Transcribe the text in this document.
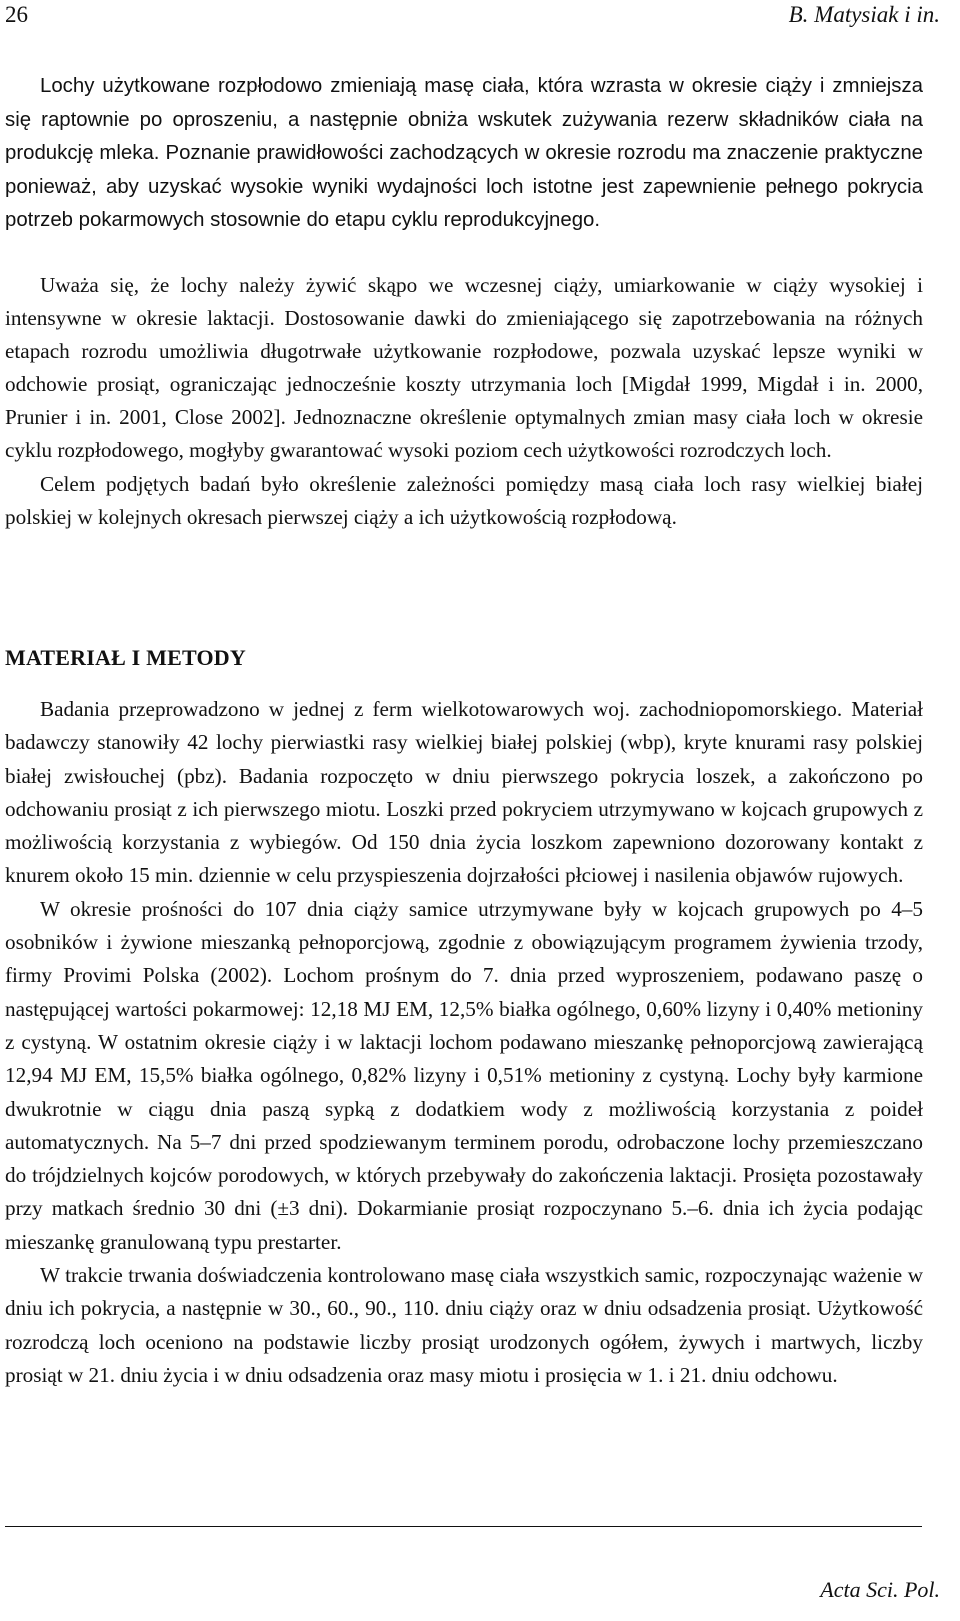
26	B. Matysiak i in.

Lochy użytkowane rozpłodowo zmieniają masę ciała, która wzrasta w okresie ciąży i zmniejsza się raptownie po oproszeniu, a następnie obniża wskutek zużywania rezerw składników ciała na produkcję mleka. Poznanie prawidłowości zachodzących w okresie rozrodu ma znaczenie praktyczne ponieważ, aby uzyskać wysokie wyniki wydajności loch istotne jest zapewnienie pełnego pokrycia potrzeb pokarmowych stosownie do etapu cyklu reprodukcyjnego.

Uważa się, że lochy należy żywić skąpo we wczesnej ciąży, umiarkowanie w ciąży wysokiej i intensywne w okresie laktacji. Dostosowanie dawki do zmieniającego się zapotrzebowania na różnych etapach rozrodu umożliwia długotrwałe użytkowanie rozpłodowe, pozwala uzyskać lepsze wyniki w odchowie prosiąt, ograniczając jednocześnie koszty utrzymania loch [Migdał 1999, Migdał i in. 2000, Prunier i in. 2001, Close 2002]. Jednoznaczne określenie optymalnych zmian masy ciała loch w okresie cyklu rozpłodowego, mogłyby gwarantować wysoki poziom cech użytkowości rozrodczych loch.

Celem podjętych badań było określenie zależności pomiędzy masą ciała loch rasy wielkiej białej polskiej w kolejnych okresach pierwszej ciąży a ich użytkowością rozpłodową.

MATERIAŁ I METODY

Badania przeprowadzono w jednej z ferm wielkotowarowych woj. zachodniopomorskiego. Materiał badawczy stanowiły 42 lochy pierwiastki rasy wielkiej białej polskiej (wbp), kryte knurami rasy polskiej białej zwisłouchej (pbz). Badania rozpoczęto w dniu pierwszego pokrycia loszek, a zakończono po odchowaniu prosiąt z ich pierwszego miotu. Loszki przed pokryciem utrzymywano w kojcach grupowych z możliwością korzystania z wybiegów. Od 150 dnia życia loszkom zapewniono dozorowany kontakt z knurem około 15 min. dziennie w celu przyspieszenia dojrzałości płciowej i nasilenia objawów rujowych.

W okresie prośności do 107 dnia ciąży samice utrzymywane były w kojcach grupowych po 4–5 osobników i żywione mieszanką pełnoporcjową, zgodnie z obowiązującym programem żywienia trzody, firmy Provimi Polska (2002). Lochom prośnym do 7. dnia przed wyproszeniem, podawano paszę o następującej wartości pokarmowej: 12,18 MJ EM, 12,5% białka ogólnego, 0,60% lizyny i 0,40% metioniny z cystyną. W ostatnim okresie ciąży i w laktacji lochom podawano mieszankę pełnoporcjową zawierającą 12,94 MJ EM, 15,5% białka ogólnego, 0,82% lizyny i 0,51% metioniny z cystyną. Lochy były karmione dwukrotnie w ciągu dnia paszą sypką z dodatkiem wody z możliwością korzystania z poideł automatycznych. Na 5–7 dni przed spodziewanym terminem porodu, odrobaczone lochy przemieszczano do trójdzielnych kojców porodowych, w których przebywały do zakończenia laktacji. Prosięta pozostawały przy matkach średnio 30 dni (±3 dni). Dokarmianie prosiąt rozpoczynano 5.–6. dnia ich życia podając mieszankę granulowaną typu prestarter.

W trakcie trwania doświadczenia kontrolowano masę ciała wszystkich samic, rozpoczynając ważenie w dniu ich pokrycia, a następnie w 30., 60., 90., 110. dniu ciąży oraz w dniu odsadzenia prosiąt. Użytkowość rozrodczą loch oceniono na podstawie liczby prosiąt urodzonych ogółem, żywych i martwych, liczby prosiąt w 21. dniu życia i w dniu odsadzenia oraz masy miotu i prosięcia w 1. i 21. dniu odchowu.

Acta Sci. Pol.
